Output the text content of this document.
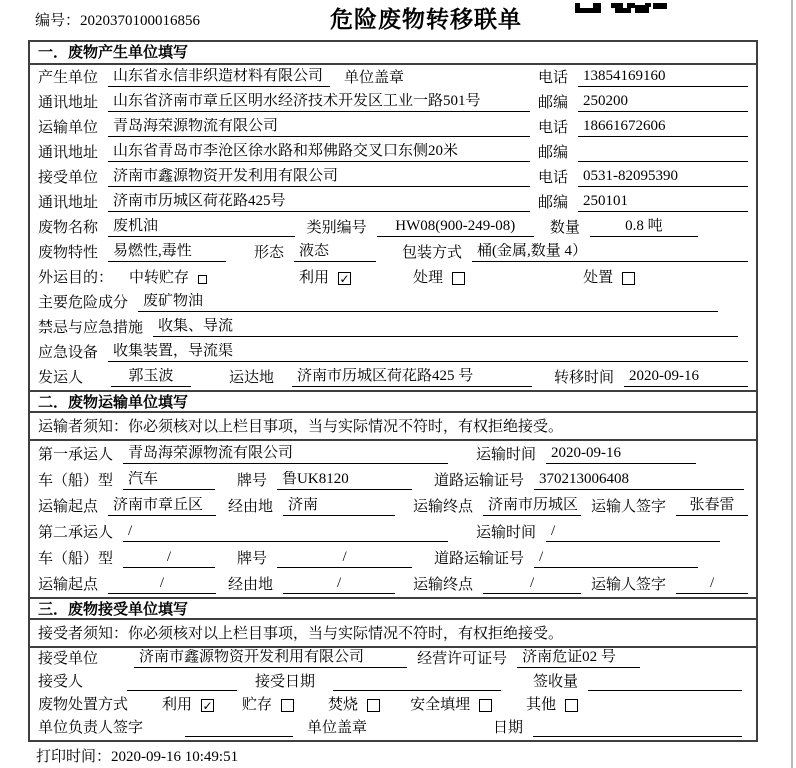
编号：2020370100016856	危险废物转移联单
一．废物产生单位填写
产生单位	山东省永信非织造材料有限公司	单位盖章	电话	13854169160
通讯地址	山东省济南市章丘区明水经济技术开发区工业一路501号	邮编	250200
运输单位	青岛海荣源物流有限公司	电话	18661672606
通讯地址	山东省青岛市李沧区徐水路和郑佛路交叉口东侧20米	邮编
接受单位	济南市鑫源物资开发利用有限公司	电话	0531-82095390
通讯地址	济南市历城区荷花路425号	邮编	250101
废物名称	废机油	类别编号	HW08(900-249-08)	数量	0.8 吨
废物特性	易燃性,毒性	形态	液态	包装方式	桶(金属,数量 4）
外运目的： 中转贮存	利用 ✓	处理	处置
主要危险成分	废矿物油
禁忌与应急措施	收集、导流
应急设备	收集装置，导流渠
发运人	郭玉波	运达地	济南市历城区荷花路425 号	转移时间	2020-09-16
二．废物运输单位填写
运输者须知：你必须核对以上栏目事项，当与实际情况不符时，有权拒绝接受。
第一承运人	青岛海荣源物流有限公司	运输时间	2020-09-16
车（船）型	汽车	牌号	鲁UK8120	道路运输证号	370213006408
运输起点	济南市章丘区	经由地	济南	运输终点	济南市历城区 运输人签字	张春雷
第二承运人	/	运输时间	/
车（船）型	/	牌号	/	道路运输证号	/
运输起点	/	经由地	/	运输终点	/	运输人签字	/
三．废物接受单位填写
接受者须知：你必须核对以上栏目事项，当与实际情况不符时，有权拒绝接受。
接受单位	济南市鑫源物资开发利用有限公司	经营许可证号	济南危证02 号
接受人	接受日期	签收量
废物处置方式 利用 ✓ 贮存	焚烧	安全填埋	其他
单位负责人签字	单位盖章	日期
打印时间：2020-09-16 10:49:51
